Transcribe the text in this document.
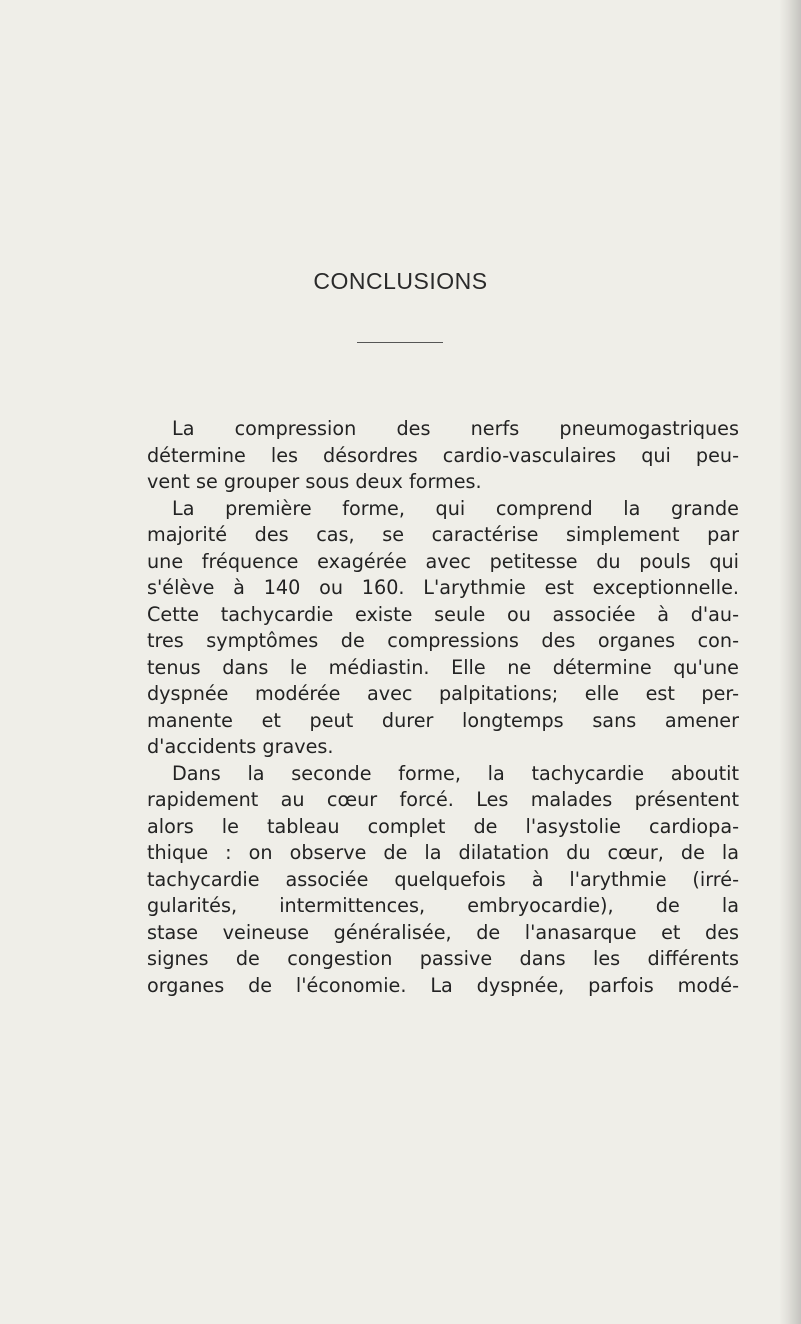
CONCLUSIONS
La compression des nerfs pneumogastriques
détermine les désordres cardio-vasculaires qui peu-
vent se grouper sous deux formes.
La première forme, qui comprend la grande
majorité des cas, se caractérise simplement par
une fréquence exagérée avec petitesse du pouls qui
s'élève à 140 ou 160. L'arythmie est exceptionnelle.
Cette tachycardie existe seule ou associée à d'au-
tres symptômes de compressions des organes con-
tenus dans le médiastin. Elle ne détermine qu'une
dyspnée modérée avec palpitations; elle est per-
manente et peut durer longtemps sans amener
d'accidents graves.
Dans la seconde forme, la tachycardie aboutit
rapidement au cœur forcé. Les malades présentent
alors le tableau complet de l'asystolie cardiopa-
thique : on observe de la dilatation du cœur, de la
tachycardie associée quelquefois à l'arythmie (irré-
gularités, intermittences, embryocardie), de la
stase veineuse généralisée, de l'anasarque et des
signes de congestion passive dans les différents
organes de l'économie. La dyspnée, parfois modé-
